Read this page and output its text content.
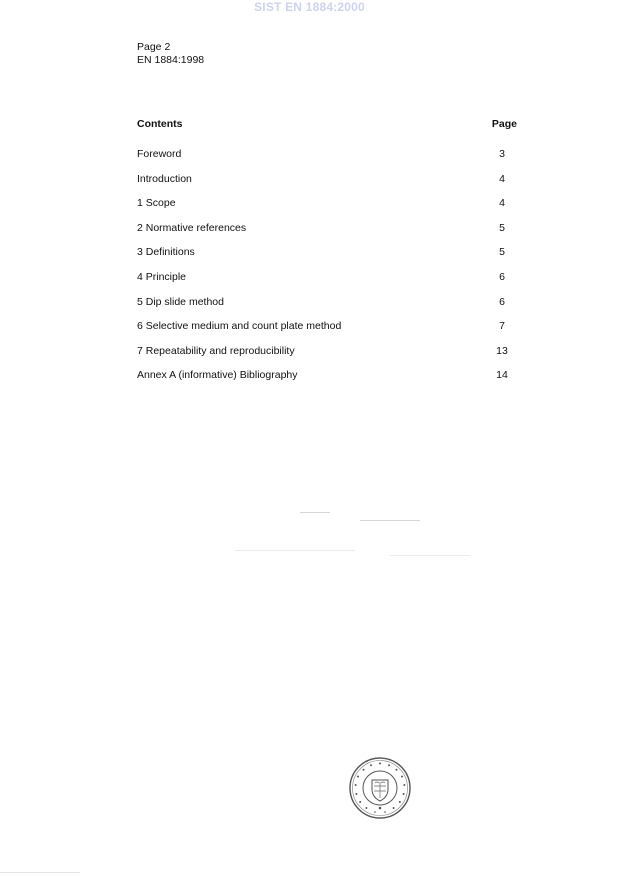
SIST EN 1884:2000
Page 2
EN 1884:1998
Contents	Page
Foreword	3
Introduction	4
1 Scope	4
2 Normative references	5
3 Definitions	5
4 Principle	6
5 Dip slide method	6
6 Selective medium and count plate method	7
7 Repeatability and reproducibility	13
Annex A (informative) Bibliography	14
